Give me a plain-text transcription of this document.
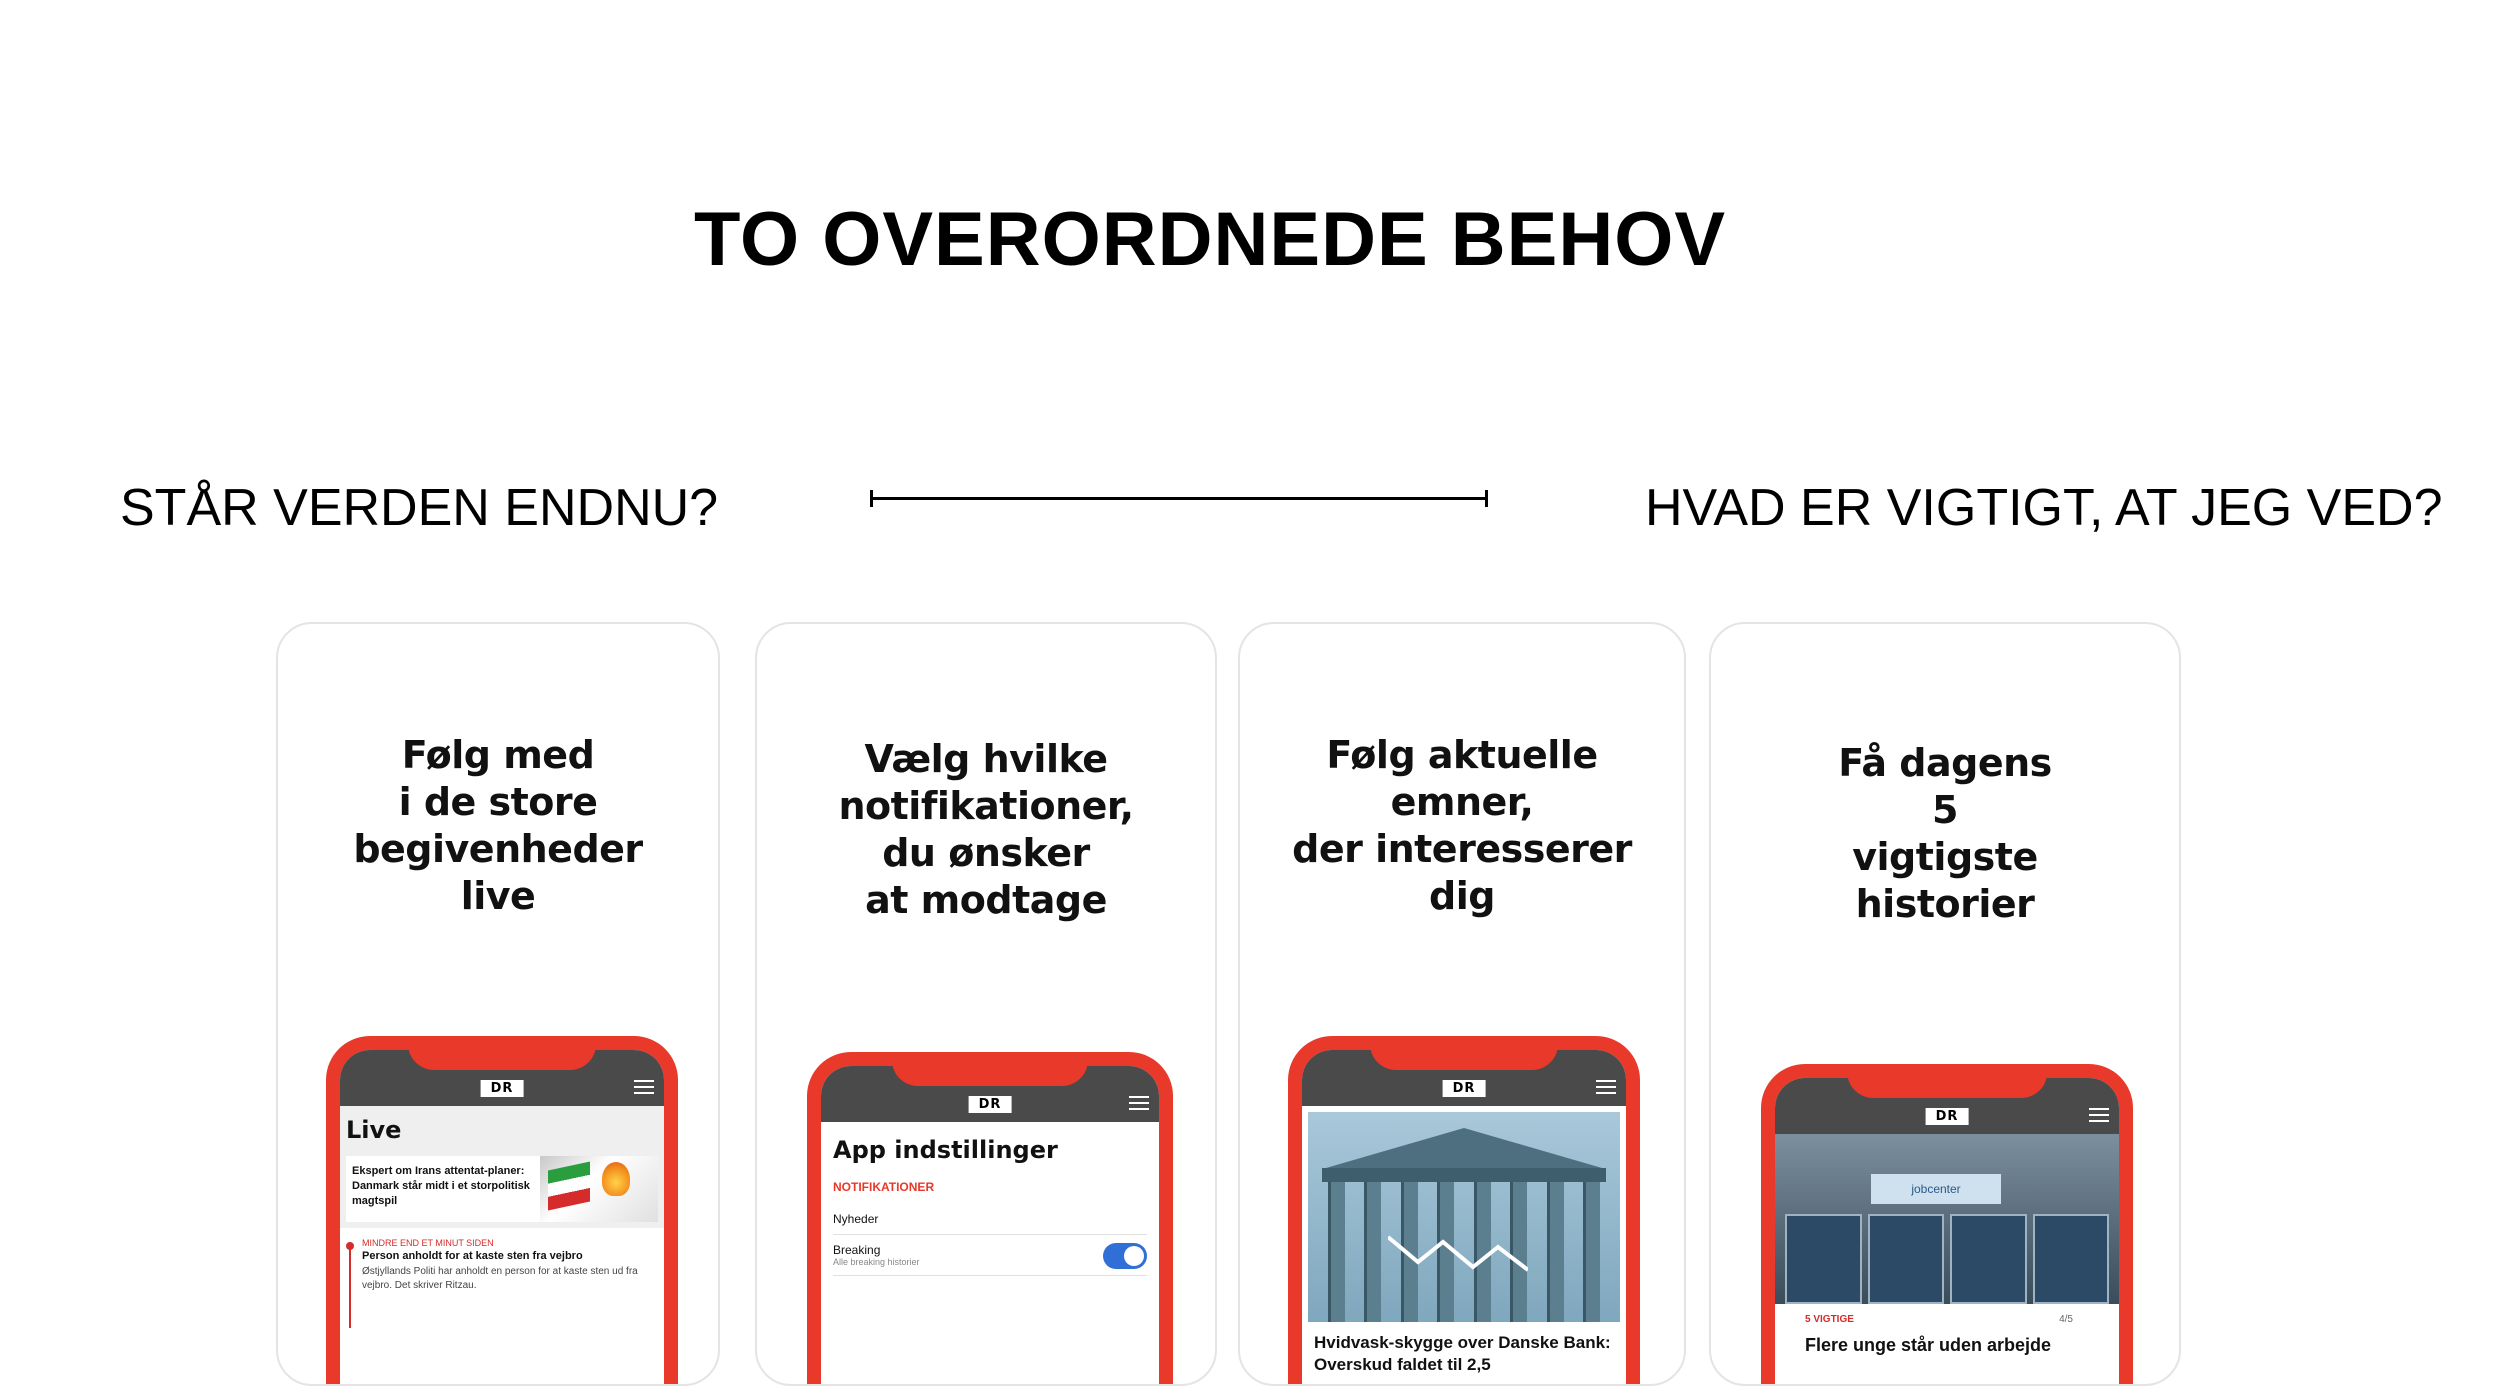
TO OVERORDNEDE BEHOV
STÅR VERDEN ENDNU?	HVAD ER VIGTIGT, AT JEG VED?
Følg med
i de store
begivenheder
live
DR
Live
Ekspert om Irans attentat-planer: Danmark står midt i et storpolitisk magtspil
MINDRE END ET MINUT SIDEN
Person anholdt for at kaste sten fra vejbro
Østjyllands Politi har anholdt en person for at kaste sten ud fra vejbro. Det skriver Ritzau.
Vælg hvilke
notifikationer,
du ønsker
at modtage
DR
App indstillinger
NOTIFIKATIONER
Nyheder
Breaking
Alle breaking historier
Følg aktuelle
emner,
der interesserer
dig
DR
Hvidvask-skygge over Danske Bank: Overskud faldet til 2,5
Få dagens
5
vigtigste
historier
DR
jobcenter
5 VIGTIGE	4/5
Flere unge står uden arbejde
